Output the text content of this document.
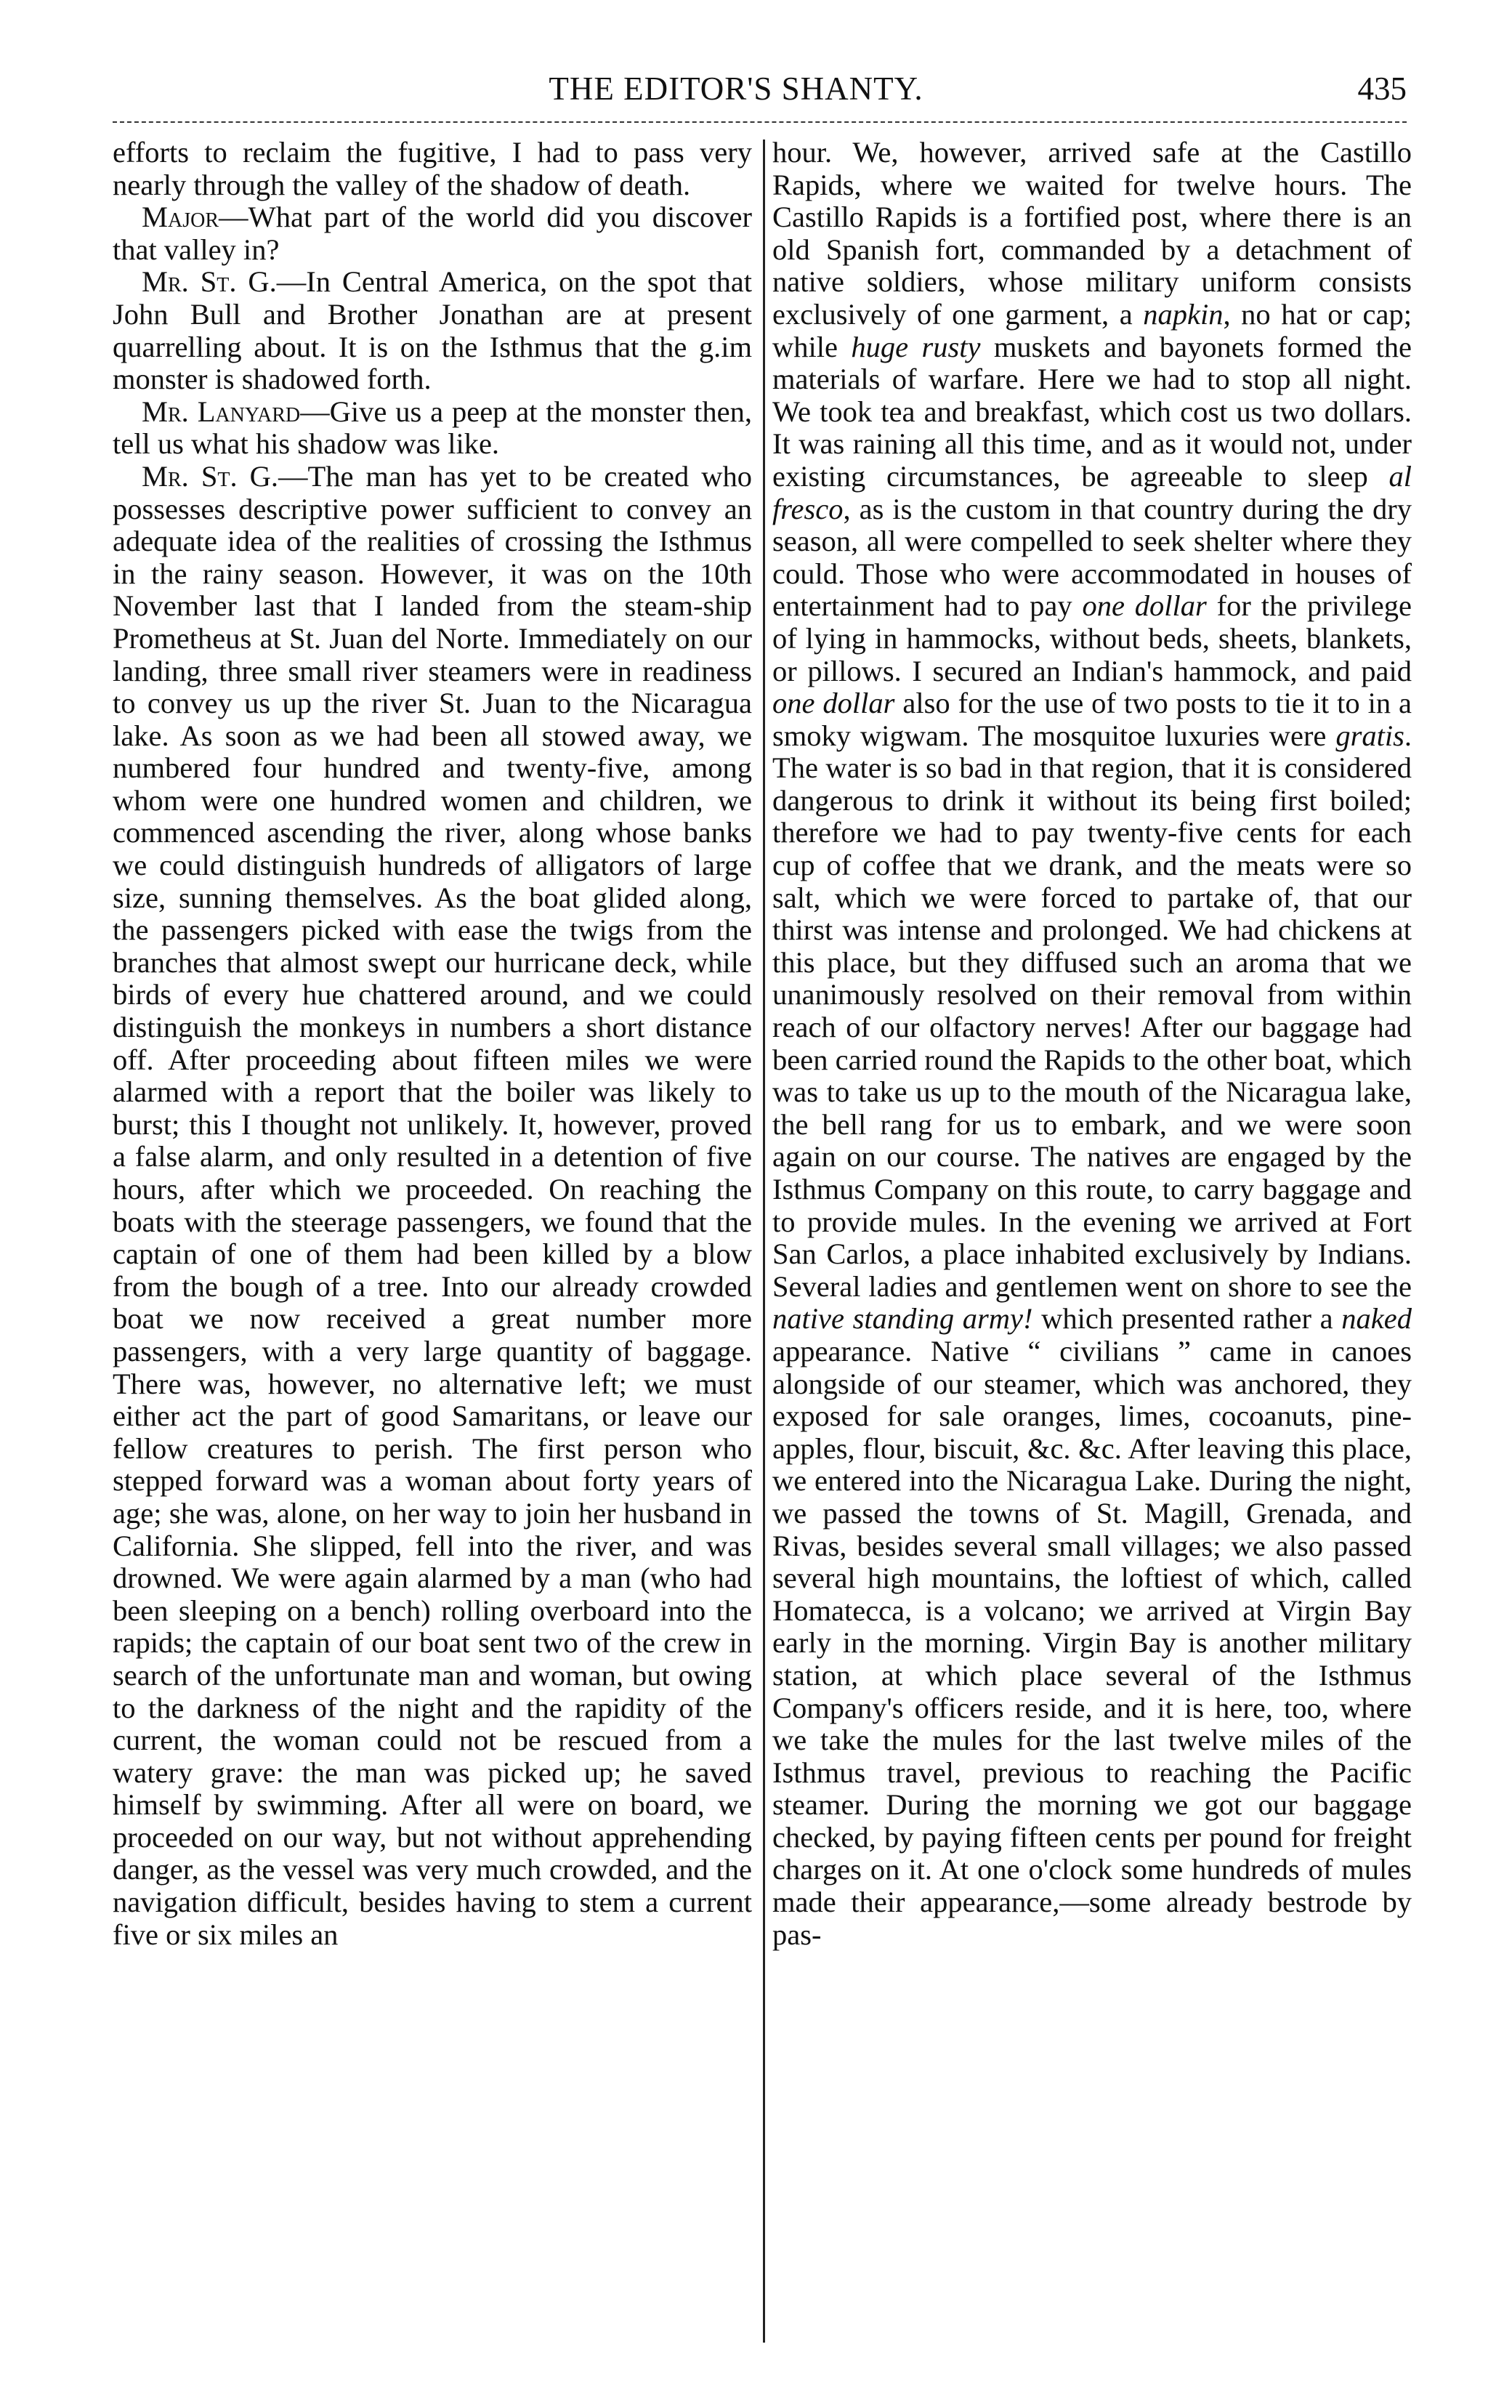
THE EDITOR'S SHANTY.	435

efforts to reclaim the fugitive, I had to pass very nearly through the valley of the shadow of death.

Major—What part of the world did you discover that valley in?

Mr. St. G.—In Central America, on the spot that John Bull and Brother Jonathan are at present quarrelling about. It is on the Isthmus that the g.im monster is shadowed forth.

Mr. Lanyard—Give us a peep at the monster then, tell us what his shadow was like.

Mr. St. G.—The man has yet to be created who possesses descriptive power sufficient to convey an adequate idea of the realities of crossing the Isthmus in the rainy season. However, it was on the 10th November last that I landed from the steam-ship Prometheus at St. Juan del Norte. Immediately on our landing, three small river steamers were in readiness to convey us up the river St. Juan to the Nicaragua lake. As soon as we had been all stowed away, we numbered four hundred and twenty-five, among whom were one hundred women and children, we commenced ascending the river, along whose banks we could distinguish hundreds of alligators of large size, sunning themselves. As the boat glided along, the passengers picked with ease the twigs from the branches that almost swept our hurricane deck, while birds of every hue chattered around, and we could distinguish the monkeys in numbers a short distance off. After proceeding about fifteen miles we were alarmed with a report that the boiler was likely to burst; this I thought not unlikely. It, however, proved a false alarm, and only resulted in a detention of five hours, after which we proceeded. On reaching the boats with the steerage passengers, we found that the captain of one of them had been killed by a blow from the bough of a tree. Into our already crowded boat we now received a great number more passengers, with a very large quantity of baggage. There was, however, no alternative left; we must either act the part of good Samaritans, or leave our fellow creatures to perish. The first person who stepped forward was a woman about forty years of age; she was, alone, on her way to join her husband in California. She slipped, fell into the river, and was drowned. We were again alarmed by a man (who had been sleeping on a bench) rolling overboard into the rapids; the captain of our boat sent two of the crew in search of the unfortunate man and woman, but owing to the darkness of the night and the rapidity of the current, the woman could not be rescued from a watery grave: the man was picked up; he saved himself by swimming. After all were on board, we proceeded on our way, but not without apprehending danger, as the vessel was very much crowded, and the navigation difficult, besides having to stem a current five or six miles an

hour. We, however, arrived safe at the Castillo Rapids, where we waited for twelve hours. The Castillo Rapids is a fortified post, where there is an old Spanish fort, commanded by a detachment of native soldiers, whose military uniform consists exclusively of one garment, a napkin, no hat or cap; while huge rusty muskets and bayonets formed the materials of warfare. Here we had to stop all night. We took tea and breakfast, which cost us two dollars. It was raining all this time, and as it would not, under existing circumstances, be agreeable to sleep al fresco, as is the custom in that country during the dry season, all were compelled to seek shelter where they could. Those who were accommodated in houses of entertainment had to pay one dollar for the privilege of lying in hammocks, without beds, sheets, blankets, or pillows. I secured an Indian's hammock, and paid one dollar also for the use of two posts to tie it to in a smoky wigwam. The mosquitoe luxuries were gratis. The water is so bad in that region, that it is considered dangerous to drink it without its being first boiled; therefore we had to pay twenty-five cents for each cup of coffee that we drank, and the meats were so salt, which we were forced to partake of, that our thirst was intense and prolonged. We had chickens at this place, but they diffused such an aroma that we unanimously resolved on their removal from within reach of our olfactory nerves! After our baggage had been carried round the Rapids to the other boat, which was to take us up to the mouth of the Nicaragua lake, the bell rang for us to embark, and we were soon again on our course. The natives are engaged by the Isthmus Company on this route, to carry baggage and to provide mules. In the evening we arrived at Fort San Carlos, a place inhabited exclusively by Indians. Several ladies and gentlemen went on shore to see the native standing army! which presented rather a naked appearance. Native “ civilians ” came in canoes alongside of our steamer, which was anchored, they exposed for sale oranges, limes, cocoanuts, pine-apples, flour, biscuit, &c. &c. After leaving this place, we entered into the Nicaragua Lake. During the night, we passed the towns of St. Magill, Grenada, and Rivas, besides several small villages; we also passed several high mountains, the loftiest of which, called Homatecca, is a volcano; we arrived at Virgin Bay early in the morning. Virgin Bay is another military station, at which place several of the Isthmus Company's officers reside, and it is here, too, where we take the mules for the last twelve miles of the Isthmus travel, previous to reaching the Pacific steamer. During the morning we got our baggage checked, by paying fifteen cents per pound for freight charges on it. At one o'clock some hundreds of mules made their appearance,—some already bestrode by pas-
